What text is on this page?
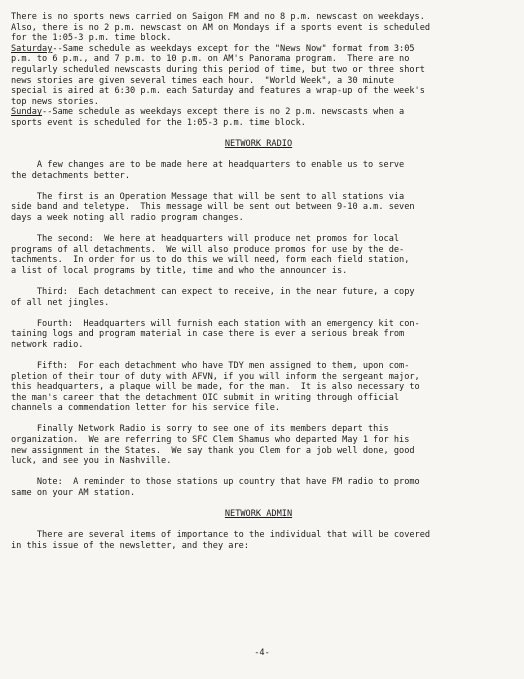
There is no sports news carried on Saigon FM and no 8 p.m. newscast on weekdays.
Also, there is no 2 p.m. newscast on AM on Mondays if a sports event is scheduled
for the 1:05-3 p.m. time block.
Saturday--Same schedule as weekdays except for the "News Now" format from 3:05
p.m. to 6 p.m., and 7 p.m. to 10 p.m. on AM's Panorama program.  There are no
regularly scheduled newscasts during this period of time, but two or three short
news stories are given several times each hour.  "World Week", a 30 minute
special is aired at 6:30 p.m. each Saturday and features a wrap-up of the week's
top news stories.
Sunday--Same schedule as weekdays except there is no 2 p.m. newscasts when a
sports event is scheduled for the 1:05-3 p.m. time block.
NETWORK RADIO
A few changes are to be made here at headquarters to enable us to serve
the detachments better.
The first is an Operation Message that will be sent to all stations via
side band and teletype.  This message will be sent out between 9-10 a.m. seven
days a week noting all radio program changes.
The second:  We here at headquarters will produce net promos for local
programs of all detachments.  We will also produce promos for use by the de-
tachments.  In order for us to do this we will need, form each field station,
a list of local programs by title, time and who the announcer is.
Third:  Each detachment can expect to receive, in the near future, a copy
of all net jingles.
Fourth:  Headquarters will furnish each station with an emergency kit con-
taining logs and program material in case there is ever a serious break from
network radio.
Fifth:  For each detachment who have TDY men assigned to them, upon com-
pletion of their tour of duty with AFVN, if you will inform the sergeant major,
this headquarters, a plaque will be made, for the man.  It is also necessary to
the man's career that the detachment OIC submit in writing through official
channels a commendation letter for his service file.
Finally Network Radio is sorry to see one of its members depart this
organization.  We are referring to SFC Clem Shamus who departed May 1 for his
new assignment in the States.  We say thank you Clem for a job well done, good
luck, and see you in Nashville.
Note:  A reminder to those stations up country that have FM radio to promo
same on your AM station.
NETWORK ADMIN
There are several items of importance to the individual that will be covered
in this issue of the newsletter, and they are:
-4-
